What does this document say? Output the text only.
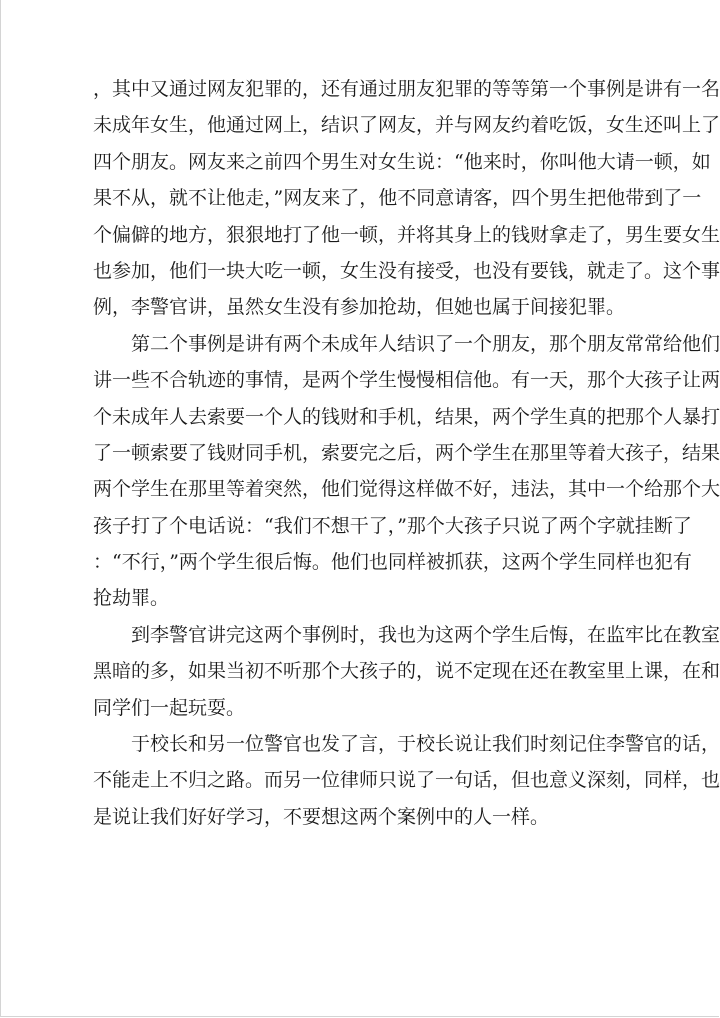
，其中又通过网友犯罪的，还有通过朋友犯罪的等等第一个事例是讲有一名
未成年女生，他通过网上，结识了网友，并与网友约着吃饭，女生还叫上了
四个朋友。网友来之前四个男生对女生说：“他来时，你叫他大请一顿，如
果不从，就不让他走，”网友来了，他不同意请客，四个男生把他带到了一
个偏僻的地方，狠狠地打了他一顿，并将其身上的钱财拿走了，男生要女生
也参加，他们一块大吃一顿，女生没有接受，也没有要钱，就走了。这个事
例，李警官讲，虽然女生没有参加抢劫，但她也属于间接犯罪。
第二个事例是讲有两个未成年人结识了一个朋友，那个朋友常常给他们
讲一些不合轨迹的事情，是两个学生慢慢相信他。有一天，那个大孩子让两
个未成年人去索要一个人的钱财和手机，结果，两个学生真的把那个人暴打
了一顿索要了钱财同手机，索要完之后，两个学生在那里等着大孩子，结果
两个学生在那里等着突然，他们觉得这样做不好，违法，其中一个给那个大
孩子打了个电话说：“我们不想干了，”那个大孩子只说了两个字就挂断了
：“不行，”两个学生很后悔。他们也同样被抓获，这两个学生同样也犯有
抢劫罪。
到李警官讲完这两个事例时，我也为这两个学生后悔，在监牢比在教室
黑暗的多，如果当初不听那个大孩子的，说不定现在还在教室里上课，在和
同学们一起玩耍。
于校长和另一位警官也发了言，于校长说让我们时刻记住李警官的话，
不能走上不归之路。而另一位律师只说了一句话，但也意义深刻，同样，也
是说让我们好好学习，不要想这两个案例中的人一样。
